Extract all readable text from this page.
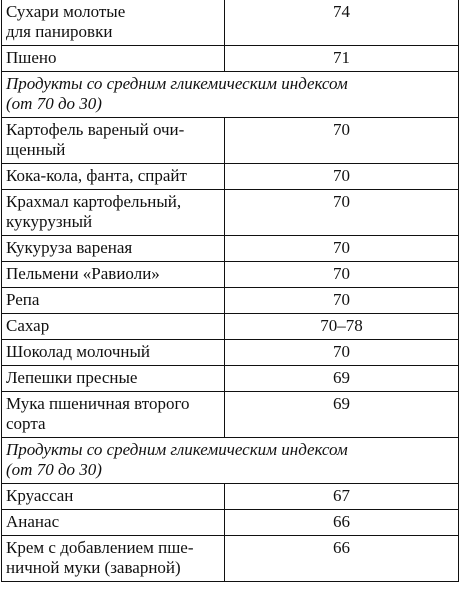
Сухари молотые
для панировки	74

Пшено	71

Продукты со средним гликемическим индексом
(от 70 до 30)	

Картофель вареный очи-
щенный	70

Кока-кола, фанта, спрайт	70

Крахмал картофельный,
кукурузный	70

Кукуруза вареная	70

Пельмени «Равиоли»	70

Репа	70

Сахар	70–78

Шоколад молочный	70

Лепешки пресные	69

Мука пшеничная второго
сорта	69

Продукты со средним гликемическим индексом
(от 70 до 30)	

Круассан	67

Ананас	66

Крем с добавлением пше-
ничной муки (заварной)	66
